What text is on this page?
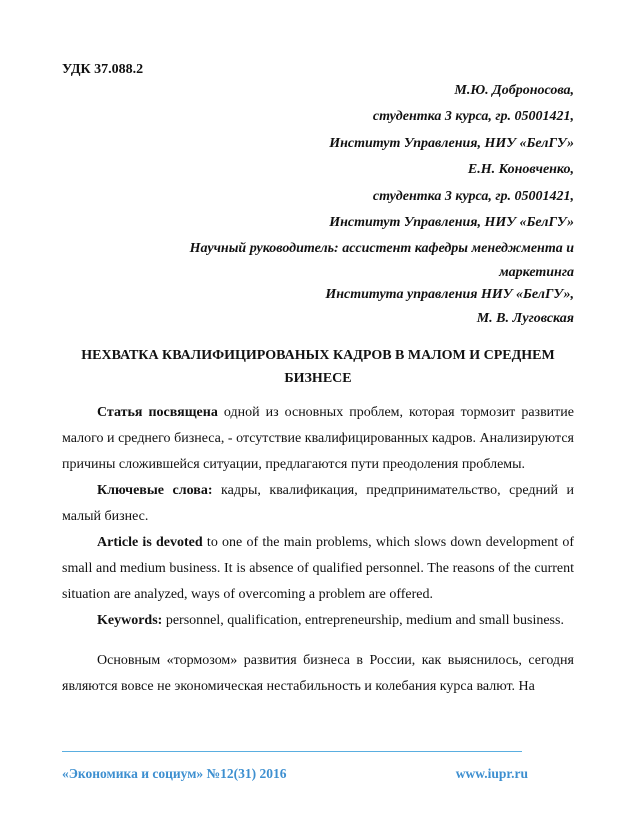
УДК 37.088.2
М.Ю. Доброносова,
студентка 3 курса, гр. 05001421,
Институт Управления, НИУ «БелГУ»
Е.Н. Коновченко,
студентка 3 курса, гр. 05001421,
Институт Управления, НИУ «БелГУ»
Научный руководитель: ассистент кафедры менеджмента и
маркетинга
Института управления НИУ «БелГУ»,
М. В. Луговская
НЕХВАТКА КВАЛИФИЦИРОВАНЫХ КАДРОВ В МАЛОМ И СРЕДНЕМ
БИЗНЕСЕ

Статья посвящена одной из основных проблем, которая тормозит развитие малого и среднего бизнеса, - отсутствие квалифицированных кадров. Анализируются причины сложившейся ситуации, предлагаются пути преодоления проблемы.

Ключевые слова: кадры, квалификация, предпринимательство, средний и малый бизнес.

Article is devoted to one of the main problems, which slows down development of small and medium business. It is absence of qualified personnel. The reasons of the current situation are analyzed, ways of overcoming a problem are offered.

Keywords: personnel, qualification, entrepreneurship, medium and small business.

Основным «тормозом» развития бизнеса в России, как выяснилось, сегодня являются вовсе не экономическая нестабильность и колебания курса валют. На

«Экономика и социум» №12(31) 2016	www.iupr.ru
